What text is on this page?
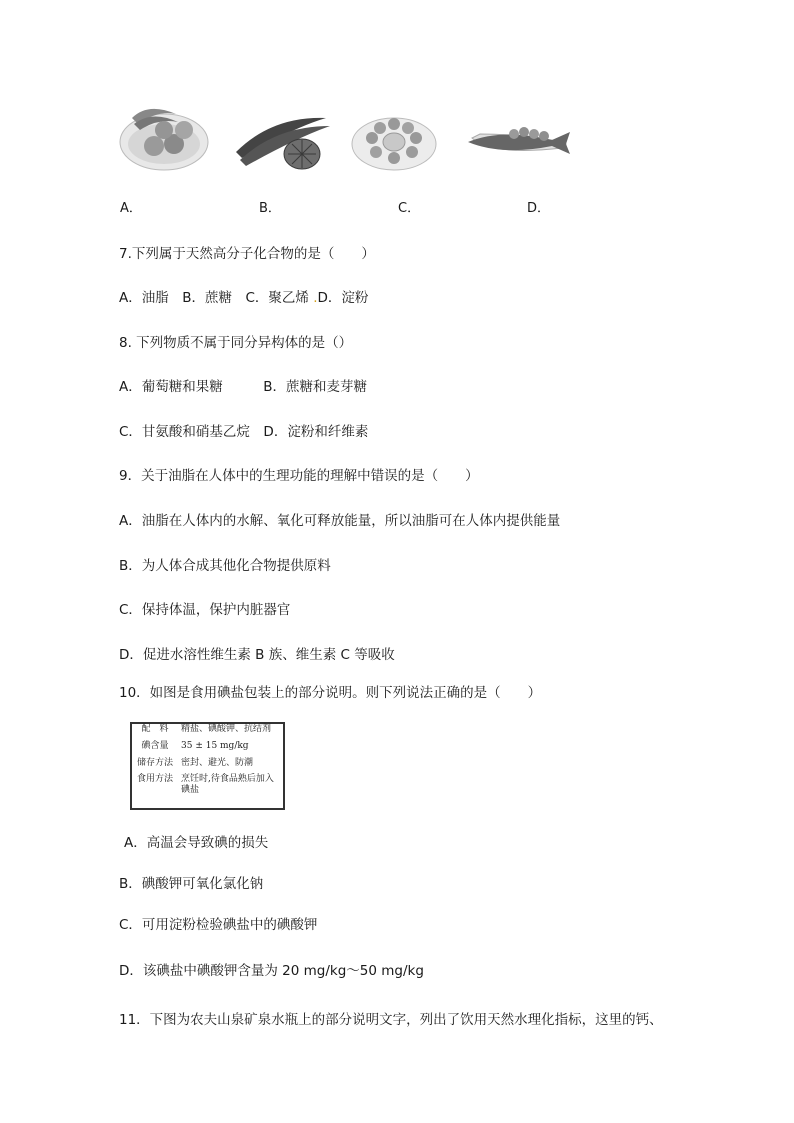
A．	B．	C．	D．
7.下列属于天然高分子化合物的是（　　）
A．油脂　B．蔗糖　C．聚乙烯 .D．淀粉
8. 下列物质不属于同分异构体的是（）
A．葡萄糖和果糖　　　B．蔗糖和麦芽糖
C．甘氨酸和硝基乙烷　D．淀粉和纤维素
9．关于油脂在人体中的生理功能的理解中错误的是（　　）
A．油脂在人体内的水解、氧化可释放能量，所以油脂可在人体内提供能量
B．为人体合成其他化合物提供原料
C．保持体温，保护内脏器官
D．促进水溶性维生素 B 族、维生素 C 等吸收
10．如图是食用碘盐包装上的部分说明。则下列说法正确的是（　　）
配　料	精盐、碘酸钾、抗结剂
碘含量	35 ± 15 mg/kg
储存方法	密封、避光、防潮
食用方法	烹饪时,待食品熟后加入碘盐
A．高温会导致碘的损失
B．碘酸钾可氧化氯化钠
C．可用淀粉检验碘盐中的碘酸钾
D．该碘盐中碘酸钾含量为 20 mg/kg～50 mg/kg
11．下图为农夫山泉矿泉水瓶上的部分说明文字，列出了饮用天然水理化指标，这里的钙、
